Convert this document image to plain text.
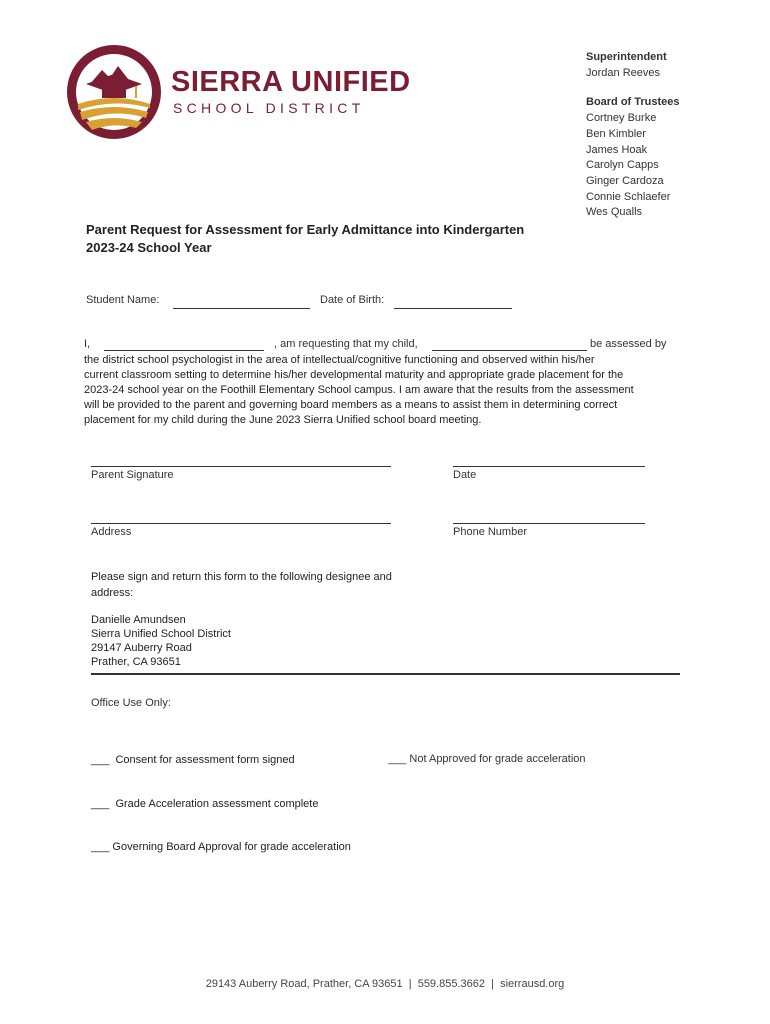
SIERRA UNIFIED
SCHOOL DISTRICT
Superintendent
Jordan Reeves
Board of Trustees
Cortney Burke
Ben Kimbler
James Hoak
Carolyn Capps
Ginger Cardoza
Connie Schlaefer
Wes Qualls
Parent Request for Assessment for Early Admittance into Kindergarten
2023-24 School Year
Student Name:	Date of Birth:
I,	, am requesting that my child,	be assessed by
the district school psychologist in the area of intellectual/cognitive functioning and observed within his/her
current classroom setting to determine his/her developmental maturity and appropriate grade placement for the
2023-24 school year on the Foothill Elementary School campus. I am aware that the results from the assessment
will be provided to the parent and governing board members as a means to assist them in determining correct
placement for my child during the June 2023 Sierra Unified school board meeting.
Parent Signature	Date
Address	Phone Number
Please sign and return this form to the following designee and
address:
Danielle Amundsen
Sierra Unified School District
29147 Auberry Road
Prather, CA 93651
Office Use Only:

___  Consent for assessment form signed

___  Grade Acceleration assessment complete

___ Governing Board Approval for grade acceleration

___ Not Approved for grade acceleration
29143 Auberry Road, Prather, CA 93651  |  559.855.3662  |  sierrausd.org
